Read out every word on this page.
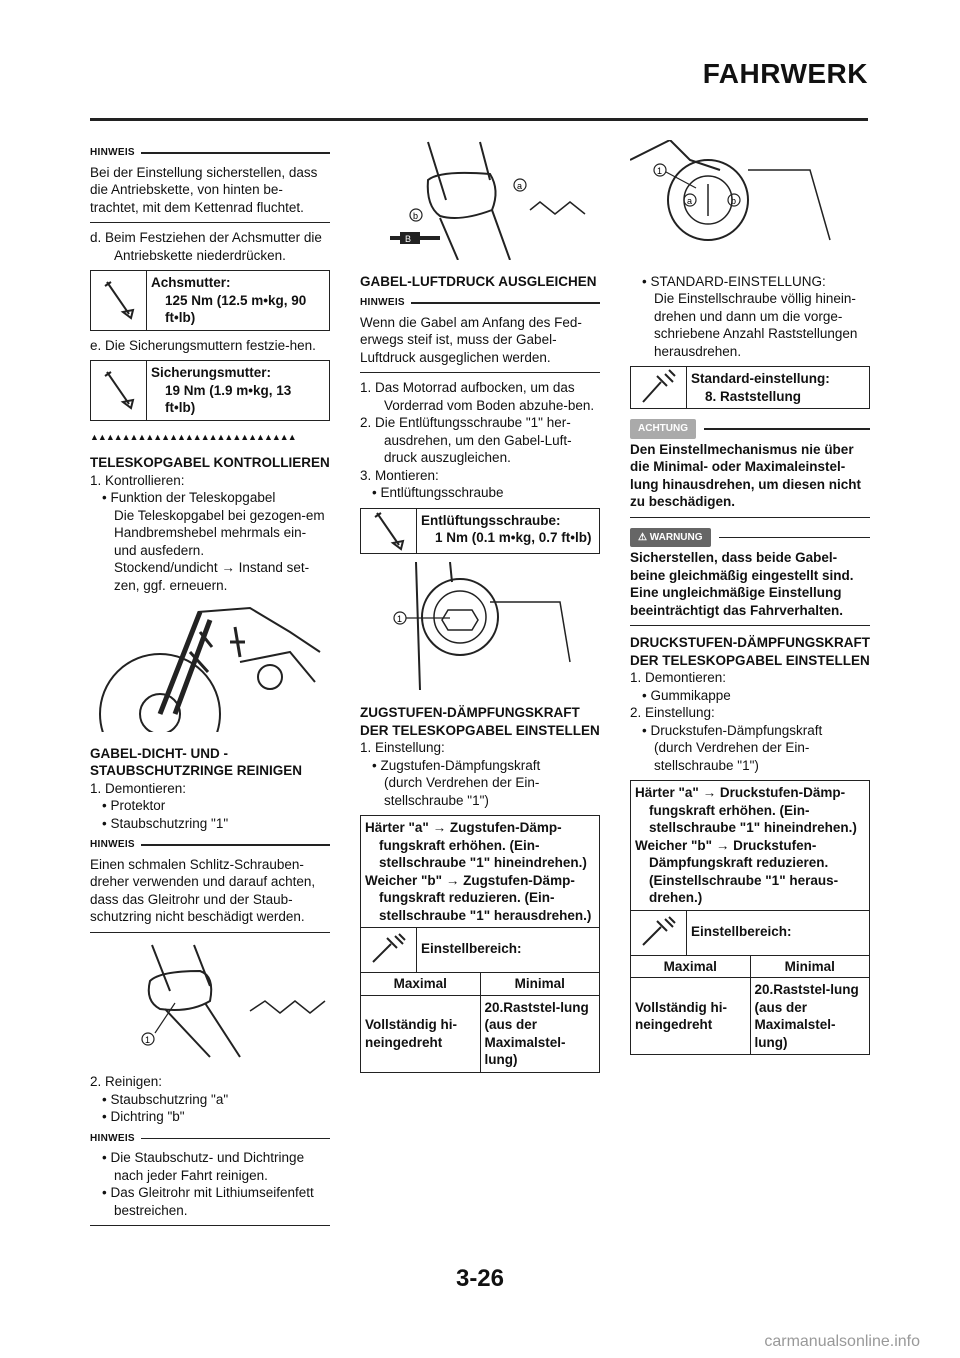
FAHRWERK
HINWEIS
Bei der Einstellung sicherstellen, dass die Antriebskette, von hinten be-trachtet, mit dem Kettenrad fluchtet.
d. Beim Festziehen der Achsmutter die Antriebskette niederdrücken.
Achsmutter:
125 Nm (12.5 m•kg, 90 ft•lb)
e. Die Sicherungsmuttern festzie-hen.
Sicherungsmutter:
19 Nm (1.9 m•kg, 13 ft•lb)
▲▲▲▲▲▲▲▲▲▲▲▲▲▲▲▲▲▲▲▲▲▲▲▲▲▲
TELESKOPGABEL KONTROLLIEREN
1. Kontrollieren:
• Funktion der Teleskopgabel
Die Teleskopgabel bei gezogen-em Handbremshebel mehrmals ein- und ausfedern.
Stockend/undicht → Instand set-zen, ggf. erneuern.
GABEL-DICHT- UND -STAUBSCHUTZRINGE REINIGEN
1. Demontieren:
• Protektor
• Staubschutzring "1"
HINWEIS
Einen schmalen Schlitz-Schrauben-dreher verwenden und darauf achten, dass das Gleitrohr und der Staub-schutzring nicht beschädigt werden.
1
2. Reinigen:
• Staubschutzring "a"
• Dichtring "b"
HINWEIS
• Die Staubschutz- und Dichtringe nach jeder Fahrt reinigen.
• Das Gleitrohr mit Lithiumseifenfett bestreichen.
B
a
b
GABEL-LUFTDRUCK AUSGLEICHEN
HINWEIS
Wenn die Gabel am Anfang des Fed-erwegs steif ist, muss der Gabel-Luftdruck ausgeglichen werden.
1. Das Motorrad aufbocken, um das Vorderrad vom Boden abzuhe-ben.
2. Die Entlüftungsschraube "1" her-ausdrehen, um den Gabel-Luft-druck auszugleichen.
3. Montieren:
• Entlüftungsschraube
Entlüftungsschraube:
1 Nm (0.1 m•kg, 0.7 ft•lb)
1
ZUGSTUFEN-DÄMPFUNGSKRAFT DER TELESKOPGABEL EINSTELLEN
1. Einstellung:
• Zugstufen-Dämpfungskraft
(durch Verdrehen der Ein-stellschraube "1")
Härter "a" → Zugstufen-Dämp-fungskraft erhöhen. (Ein-stellschraube "1" hineindrehen.)
Weicher "b" → Zugstufen-Dämp-fungskraft reduzieren. (Ein-stellschraube "1" herausdrehen.)
Einstellbereich:
Maximal	Minimal
Vollständig hi-neingedreht
20.Raststel-lung (aus der Maximalstel-lung)
1
a	b
• STANDARD-EINSTELLUNG:
Die Einstellschraube völlig hinein-drehen und dann um die vorge-schriebene Anzahl Raststellungen herausdrehen.
Standard-einstellung:
8. Raststellung
ACHTUNG
Den Einstellmechanismus nie über die Minimal- oder Maximaleinstel-lung hinausdrehen, um diesen nicht zu beschädigen.
⚠ WARNUNG
Sicherstellen, dass beide Gabel-beine gleichmäßig eingestellt sind. Eine ungleichmäßige Einstellung beeinträchtigt das Fahrverhalten.
DRUCKSTUFEN-DÄMPFUNGSKRAFT DER TELESKOPGABEL EINSTELLEN
1. Demontieren:
• Gummikappe
2. Einstellung:
• Druckstufen-Dämpfungskraft
(durch Verdrehen der Ein-stellschraube "1")
Härter "a" → Druckstufen-Dämp-fungskraft erhöhen. (Ein-stellschraube "1" hineindrehen.)
Weicher "b" → Druckstufen-Dämpfungskraft reduzieren. (Einstellschraube "1" heraus-drehen.)
Einstellbereich:
Maximal	Minimal
Vollständig hi-neingedreht
20.Raststel-lung (aus der Maximalstel-lung)
3-26
carmanualsonline.info
